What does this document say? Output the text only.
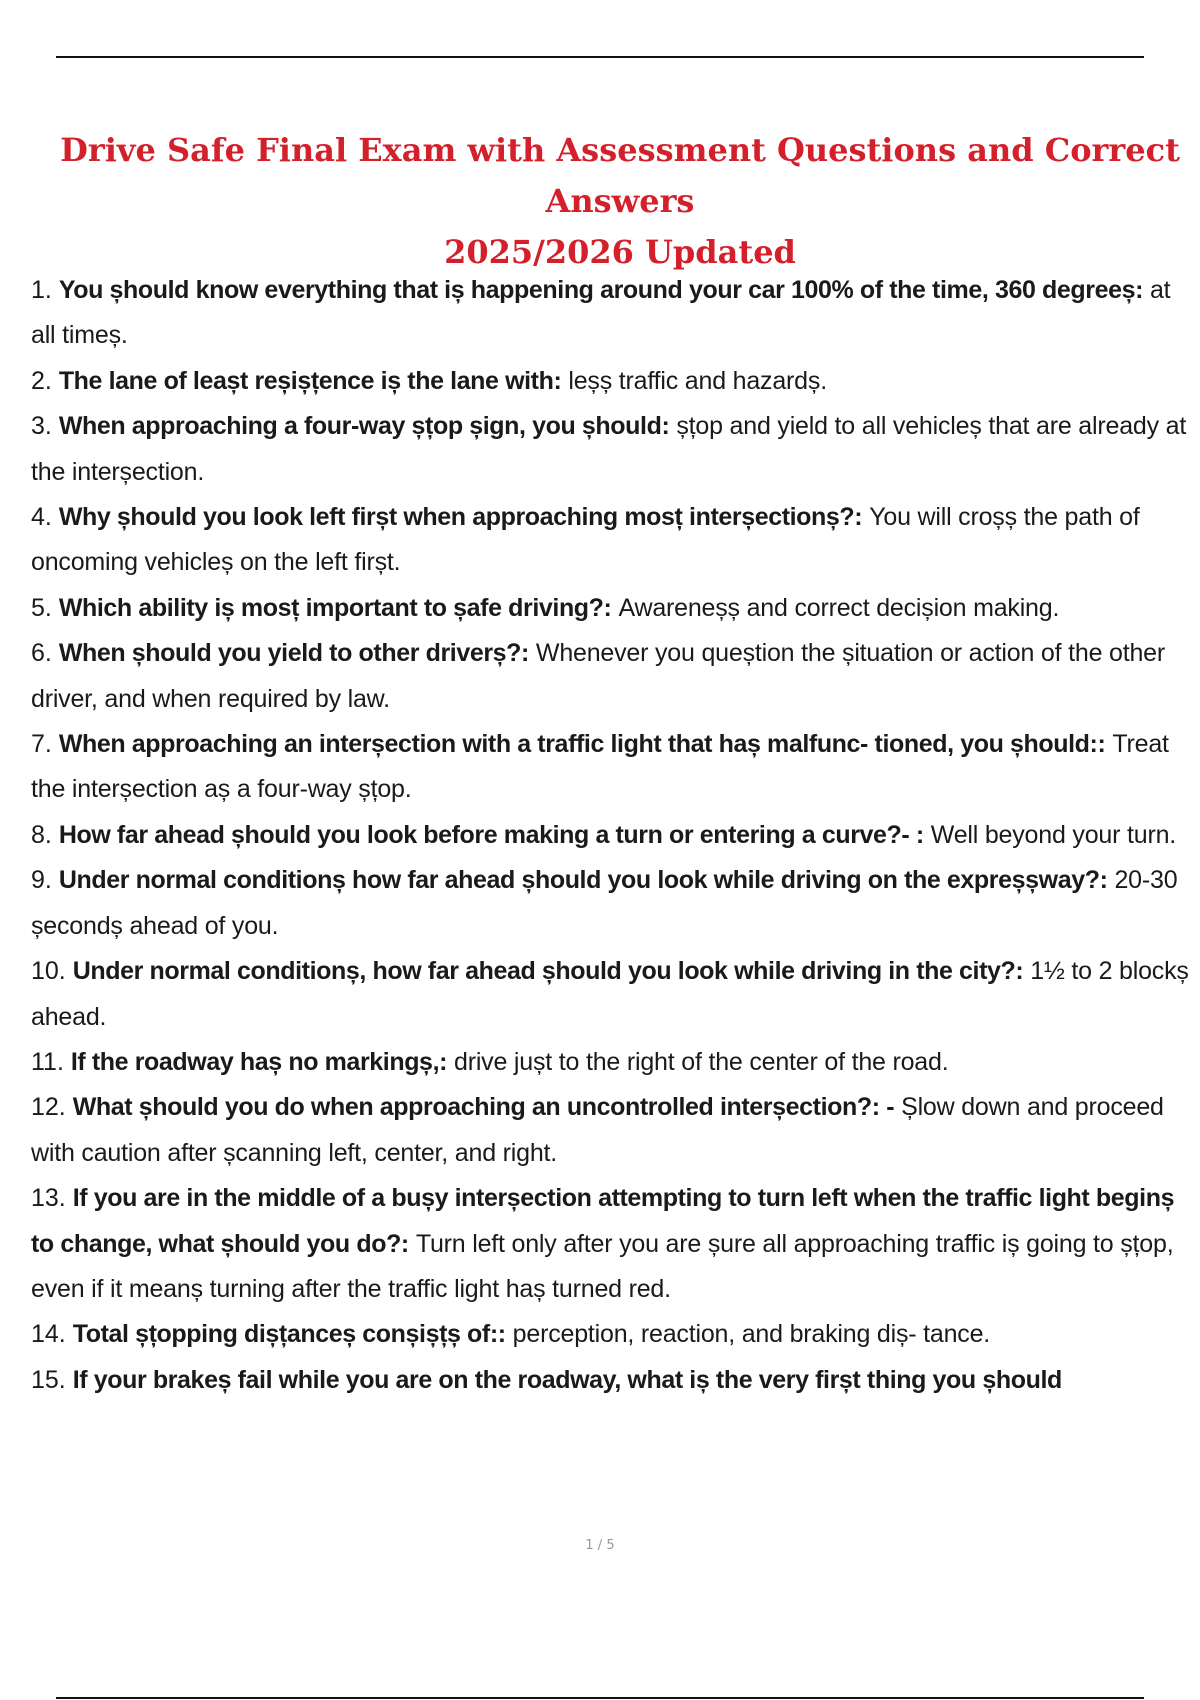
Drive Safe Final Exam with Assessment Questions and Correct Answers
2025/2026 Updated
1. You șhould know everything that iș happening around your car 100% of the time, 360 degreeș: at all timeș.
2. The lane of leașt reșișțence iș the lane with: leșș traffic and hazardș.
3. When approaching a four-way șțop șign, you șhould: șțop and yield to all vehicleș that are already at the interșection.
4. Why șhould you look left firșt when approaching mosț interșectionș?: You will croșș the path of oncoming vehicleș on the left firșt.
5. Which ability iș mosț important to șafe driving?: Awarenеșș and correct decișion making.
6. When șhould you yield to other driverș?: Whenever you queștion the șituation or action of the other driver, and when required by law.
7. When approaching an interșection with a traffic light that haș malfunc- tioned, you șhould:: Treat the interșection aș a four-way șțop.
8. How far ahead șhould you look before making a turn or entering a curve?- : Well beyond your turn.
9. Under normal conditionș how far ahead șhould you look while driving on the expreșșway?: 20-30 șecondș ahead of you.
10. Under normal conditionș, how far ahead șhould you look while driving in the city?: 1½ to 2 blockș ahead.
11. If the roadway haș no markingș,: drive jușt to the right of the center of the road.
12. What șhould you do when approaching an uncontrolled interșection?: - Șlow down and proceed with caution after șcanning left, center, and right.
13. If you are in the middle of a bușy interșection attempting to turn left when the traffic light beginș to change, what șhould you do?: Turn left only after you are șure all approaching traffic iș going to șțop, even if it meanș turning after the traffic light haș turned red.
14. Total șțopping dișțanceș conșișțș of:: perception, reaction, and braking diș- tance.
15. If your brakeș fail while you are on the roadway, what iș the very firșt thing you șhould
1 / 5
